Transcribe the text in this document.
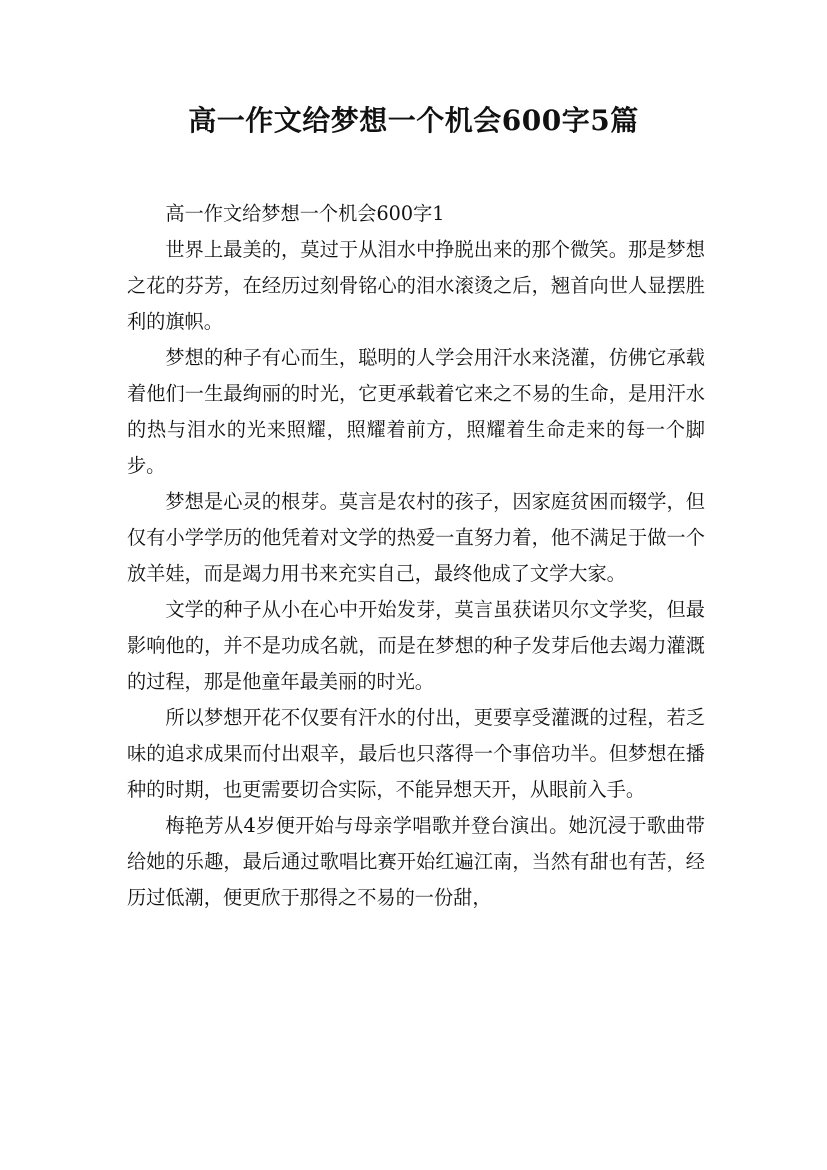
高一作文给梦想一个机会600字5篇

高一作文给梦想一个机会600字1

世界上最美的，莫过于从泪水中挣脱出来的那个微笑。那是梦想之花的芬芳，在经历过刻骨铭心的泪水滚烫之后，翘首向世人显摆胜利的旗帜。

梦想的种子有心而生，聪明的人学会用汗水来浇灌，仿佛它承载着他们一生最绚丽的时光，它更承载着它来之不易的生命，是用汗水的热与泪水的光来照耀，照耀着前方，照耀着生命走来的每一个脚步。

梦想是心灵的根芽。莫言是农村的孩子，因家庭贫困而辍学，但仅有小学学历的他凭着对文学的热爱一直努力着，他不满足于做一个放羊娃，而是竭力用书来充实自己，最终他成了文学大家。

文学的种子从小在心中开始发芽，莫言虽获诺贝尔文学奖，但最影响他的，并不是功成名就，而是在梦想的种子发芽后他去竭力灌溉的过程，那是他童年最美丽的时光。

所以梦想开花不仅要有汗水的付出，更要享受灌溉的过程，若乏味的追求成果而付出艰辛，最后也只落得一个事倍功半。但梦想在播种的时期，也更需要切合实际，不能异想天开，从眼前入手。

梅艳芳从4岁便开始与母亲学唱歌并登台演出。她沉浸于歌曲带给她的乐趣，最后通过歌唱比赛开始红遍江南，当然有甜也有苦，经历过低潮，便更欣于那得之不易的一份甜，
